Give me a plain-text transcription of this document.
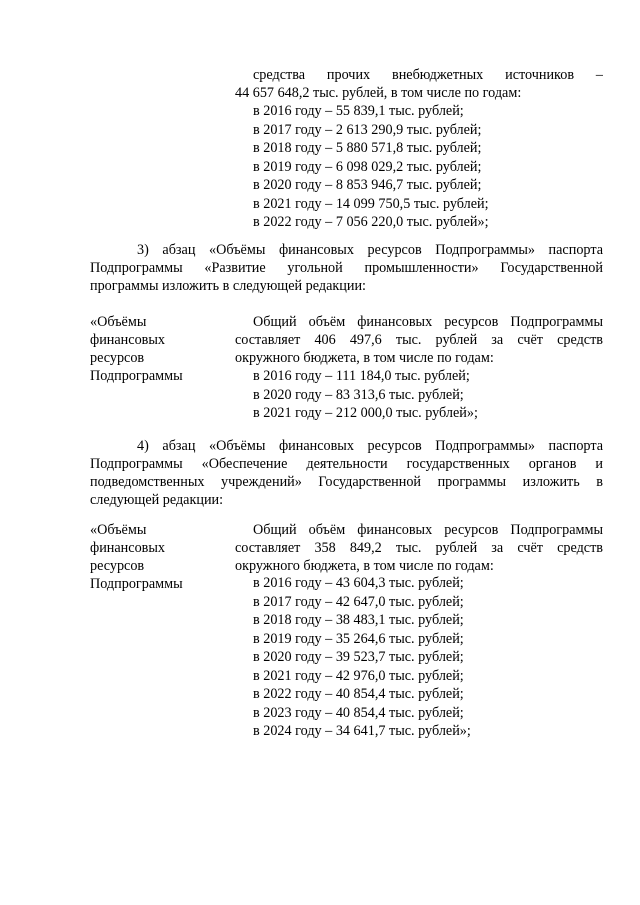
средства прочих внебюджетных источников –
44 657 648,2 тыс. рублей, в том числе по годам:
в 2016 году – 55 839,1 тыс. рублей;
в 2017 году – 2 613 290,9 тыс. рублей;
в 2018 году – 5 880 571,8 тыс. рублей;
в 2019 году – 6 098 029,2 тыс. рублей;
в 2020 году – 8 853 946,7 тыс. рублей;
в 2021 году – 14 099 750,5 тыс. рублей;
в 2022 году – 7 056 220,0 тыс. рублей»;
3) абзац «Объёмы финансовых ресурсов Подпрограммы» паспорта
Подпрограммы «Развитие угольной промышленности» Государственной
программы изложить в следующей редакции:
«Объёмы
финансовых
ресурсов
Подпрограммы
Общий объём финансовых ресурсов Подпрограммы
составляет 406 497,6 тыс. рублей за счёт средств
окружного бюджета, в том числе по годам:
в 2016 году – 111 184,0 тыс. рублей;
в 2020 году – 83 313,6 тыс. рублей;
в 2021 году – 212 000,0 тыс. рублей»;
4) абзац «Объёмы финансовых ресурсов Подпрограммы» паспорта
Подпрограммы «Обеспечение деятельности государственных органов и
подведомственных учреждений» Государственной программы изложить в
следующей редакции:
«Объёмы
финансовых
ресурсов
Подпрограммы
Общий объём финансовых ресурсов Подпрограммы
составляет 358 849,2 тыс. рублей за счёт средств
окружного бюджета, в том числе по годам:
в 2016 году – 43 604,3 тыс. рублей;
в 2017 году – 42 647,0 тыс. рублей;
в 2018 году – 38 483,1 тыс. рублей;
в 2019 году – 35 264,6 тыс. рублей;
в 2020 году – 39 523,7 тыс. рублей;
в 2021 году – 42 976,0 тыс. рублей;
в 2022 году – 40 854,4 тыс. рублей;
в 2023 году – 40 854,4 тыс. рублей;
в 2024 году – 34 641,7 тыс. рублей»;
